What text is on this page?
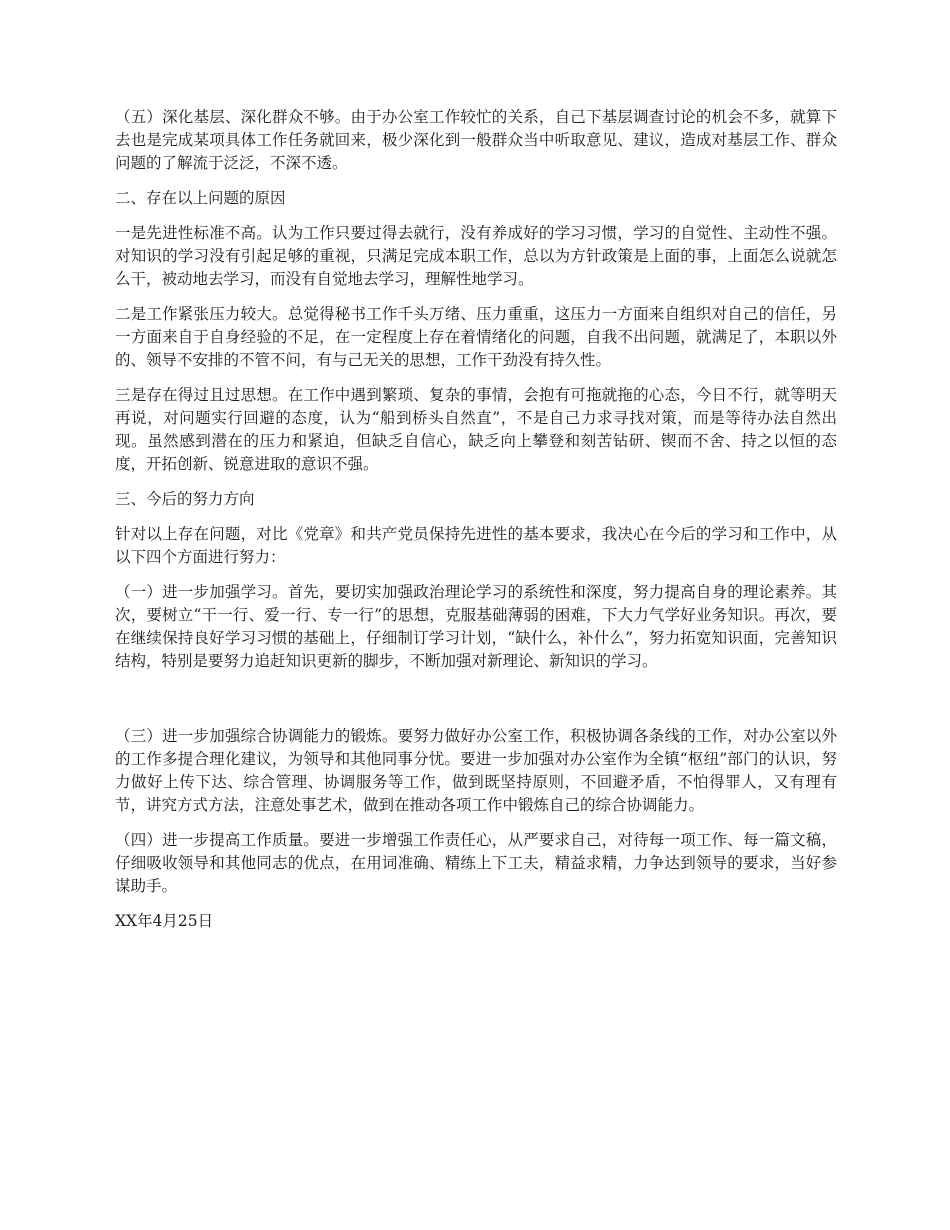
（五）深化基层、深化群众不够。由于办公室工作较忙的关系，自己下基层调查讨论的机会不多，就算下去也是完成某项具体工作任务就回来，极少深化到一般群众当中听取意见、建议，造成对基层工作、群众问题的了解流于泛泛，不深不透。

二、存在以上问题的原因

一是先进性标准不高。认为工作只要过得去就行，没有养成好的学习习惯，学习的自觉性、主动性不强。对知识的学习没有引起足够的重视，只满足完成本职工作，总以为方针政策是上面的事，上面怎么说就怎么干，被动地去学习，而没有自觉地去学习，理解性地学习。

二是工作紧张压力较大。总觉得秘书工作千头万绪、压力重重，这压力一方面来自组织对自己的信任，另一方面来自于自身经验的不足，在一定程度上存在着情绪化的问题，自我不出问题，就满足了，本职以外的、领导不安排的不管不问，有与己无关的思想，工作干劲没有持久性。

三是存在得过且过思想。在工作中遇到繁琐、复杂的事情，会抱有可拖就拖的心态，今日不行，就等明天再说，对问题实行回避的态度，认为“船到桥头自然直”，不是自己力求寻找对策，而是等待办法自然出现。虽然感到潜在的压力和紧迫，但缺乏自信心，缺乏向上攀登和刻苦钻研、锲而不舍、持之以恒的态度，开拓创新、锐意进取的意识不强。

三、今后的努力方向

针对以上存在问题，对比《党章》和共产党员保持先进性的基本要求，我决心在今后的学习和工作中，从以下四个方面进行努力：

（一）进一步加强学习。首先，要切实加强政治理论学习的系统性和深度，努力提高自身的理论素养。其次，要树立“干一行、爱一行、专一行”的思想，克服基础薄弱的困难，下大力气学好业务知识。再次，要在继续保持良好学习习惯的基础上，仔细制订学习计划，“缺什么，补什么”，努力拓宽知识面，完善知识结构，特别是要努力追赶知识更新的脚步，不断加强对新理论、新知识的学习。

（三）进一步加强综合协调能力的锻炼。要努力做好办公室工作，积极协调各条线的工作，对办公室以外的工作多提合理化建议，为领导和其他同事分忧。要进一步加强对办公室作为全镇“枢纽”部门的认识，努力做好上传下达、综合管理、协调服务等工作，做到既坚持原则，不回避矛盾，不怕得罪人，又有理有节，讲究方式方法，注意处事艺术，做到在推动各项工作中锻炼自己的综合协调能力。

（四）进一步提高工作质量。要进一步增强工作责任心，从严要求自己，对待每一项工作、每一篇文稿，仔细吸收领导和其他同志的优点，在用词准确、精练上下工夫，精益求精，力争达到领导的要求，当好参谋助手。

XX年4月25日
